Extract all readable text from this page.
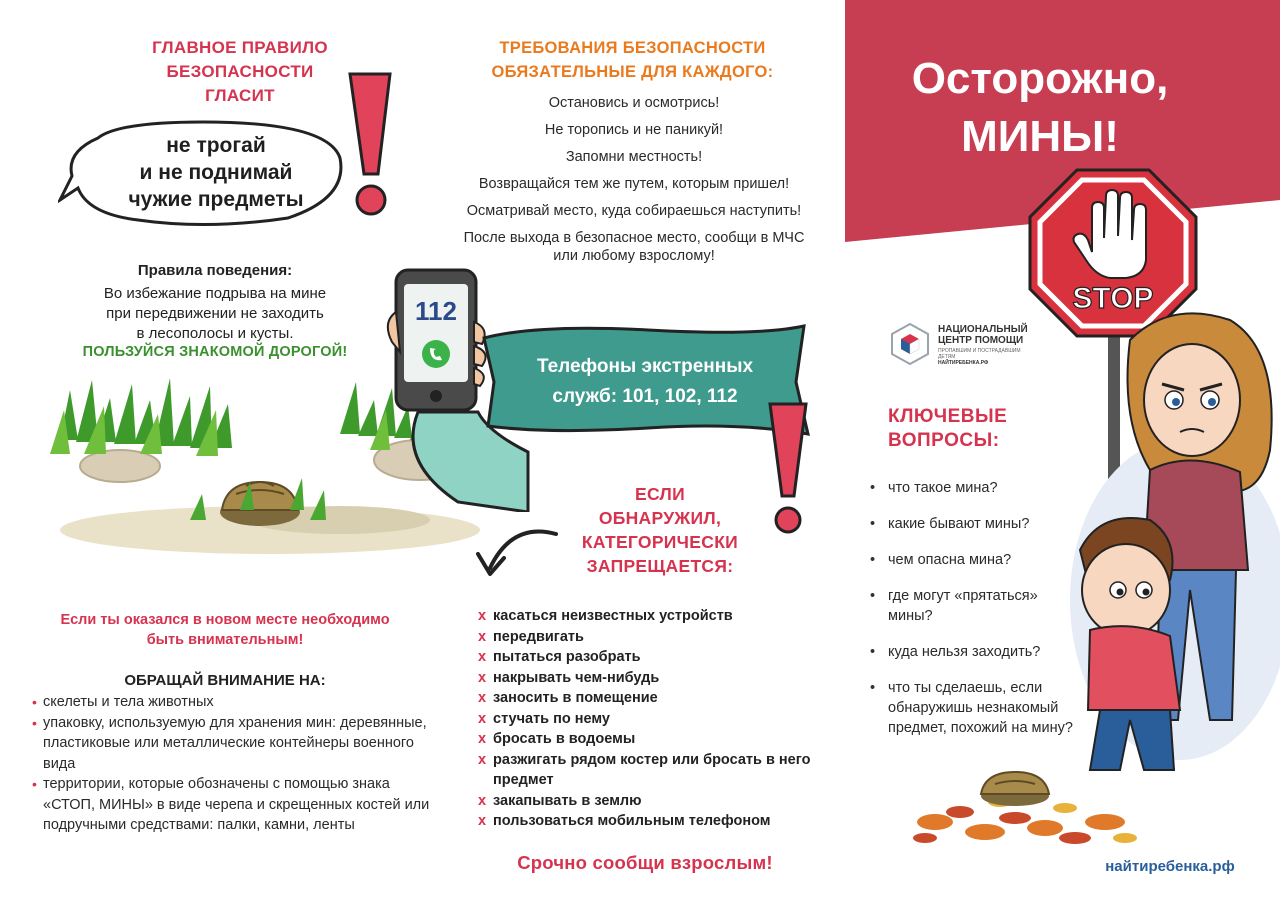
ГЛАВНОЕ ПРАВИЛО
БЕЗОПАСНОСТИ
ГЛАСИТ
не трогай
и не поднимай
чужие предметы
Правила поведения:
Во избежание подрыва на мине
при передвижении не заходить
в лесополосы и кусты.
ПОЛЬЗУЙСЯ ЗНАКОМОЙ ДОРОГОЙ!
Если ты оказался в новом месте необходимо
быть внимательным!
ОБРАЩАЙ ВНИМАНИЕ НА:
• скелеты и тела животных
• упаковку, используемую для хранения мин: деревянные, пластиковые или металлические контейнеры военного вида
• территории, которые обозначены с помощью знака «СТОП, МИНЫ» в виде черепа и скрещенных костей или подручными средствами: палки, камни, ленты
ТРЕБОВАНИЯ БЕЗОПАСНОСТИ
ОБЯЗАТЕЛЬНЫЕ ДЛЯ КАЖДОГО:
Остановись и осмотрись!
Не торопись и не паникуй!
Запомни местность!
Возвращайся тем же путем, которым пришел!
Осматривай место, куда собираешься наступить!
После выхода в безопасное место, сообщи в МЧС или любому взрослому!
112
Телефоны экстренных
служб: 101, 102, 112
ЕСЛИ
ОБНАРУЖИЛ,
КАТЕГОРИЧЕСКИ
ЗАПРЕЩАЕТСЯ:
x касаться неизвестных устройств
x передвигать
x пытаться разобрать
x накрывать чем-нибудь
x заносить в помещение
x стучать по нему
x бросать в водоемы
x разжигать рядом костер или бросать в него предмет
x закапывать в землю
x пользоваться мобильным телефоном
Срочно сообщи взрослым!
Осторожно,
МИНЫ!
STOP
НАЦИОНАЛЬНЫЙ
ЦЕНТР ПОМОЩИ
ПРОПАВШИМ И ПОСТРАДАВШИМ ДЕТЯМ
НАЙТИРЕБЕНКА.РФ
КЛЮЧЕВЫЕ
ВОПРОСЫ:
• что такое мина?
• какие бывают мины?
• чем опасна мина?
• где могут «прятаться» мины?
• куда нельзя заходить?
• что ты сделаешь, если обнаружишь незнакомый предмет, похожий на мину?
найтиребенка.рф
